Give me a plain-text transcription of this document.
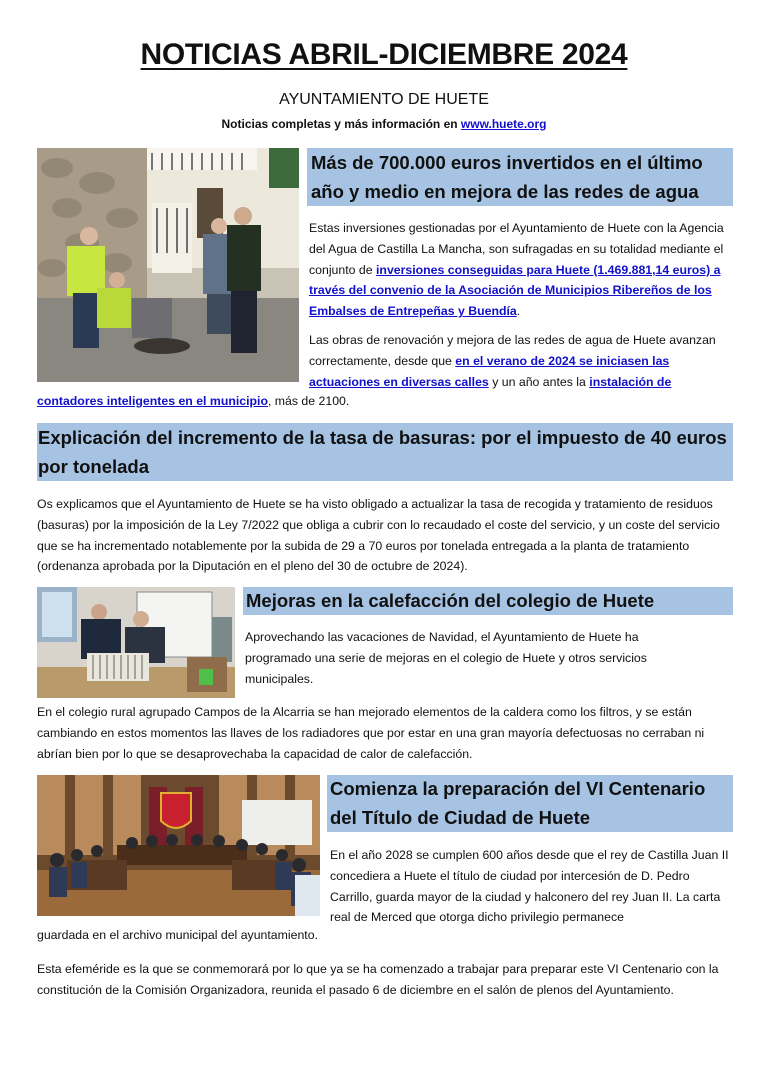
NOTICIAS ABRIL-DICIEMBRE 2024
AYUNTAMIENTO DE HUETE
Noticias completas y más información en www.huete.org
Más de 700.000 euros invertidos en el último año y medio en mejora de las redes de agua

Estas inversiones gestionadas por el Ayuntamiento de Huete con la Agencia del Agua de Castilla La Mancha, son sufragadas en su totalidad mediante el conjunto de inversiones conseguidas para Huete (1.469.881,14 euros) a través del convenio de la Asociación de Municipios Ribereños de los Embalses de Entrepeñas y Buendía.

Las obras de renovación y mejora de las redes de agua de Huete avanzan correctamente, desde que en el verano de 2024 se iniciasen las actuaciones en diversas calles y un año antes la instalación de

contadores inteligentes en el municipio, más de 2100.

Explicación del incremento de la tasa de basuras: por el impuesto de 40 euros por tonelada

Os explicamos que el Ayuntamiento de Huete se ha visto obligado a actualizar la tasa de recogida y tratamiento de residuos (basuras) por la imposición de la Ley 7/2022 que obliga a cubrir con lo recaudado el coste del servicio, y un coste del servicio que se ha incrementado notablemente por la subida de 29 a 70 euros por tonelada entregada a la planta de tratamiento (ordenanza aprobada por la Diputación en el pleno del 30 de octubre de 2024).

Mejoras en la calefacción del colegio de Huete

Aprovechando las vacaciones de Navidad, el Ayuntamiento de Huete ha programado una serie de mejoras en el colegio de Huete y otros servicios municipales.

En el colegio rural agrupado Campos de la Alcarria se han mejorado elementos de la caldera como los filtros, y se están cambiando en estos momentos las llaves de los radiadores que por estar en una gran mayoría defectuosas no cerraban ni abrían bien por lo que se desaprovechaba la capacidad de calor de calefacción.

Comienza la preparación del VI Centenario del Título de Ciudad de Huete

En el año 2028 se cumplen 600 años desde que el rey de Castilla Juan II concediera a Huete el título de ciudad por intercesión de D. Pedro Carrillo, guarda mayor de la ciudad y halconero del rey Juan II. La carta real de Merced que otorga dicho privilegio permanece

guardada en el archivo municipal del ayuntamiento.

Esta efeméride es la que se conmemorará por lo que ya se ha comenzado a trabajar para preparar este VI Centenario con la constitución de la Comisión Organizadora, reunida el pasado 6 de diciembre en el salón de plenos del Ayuntamiento.
